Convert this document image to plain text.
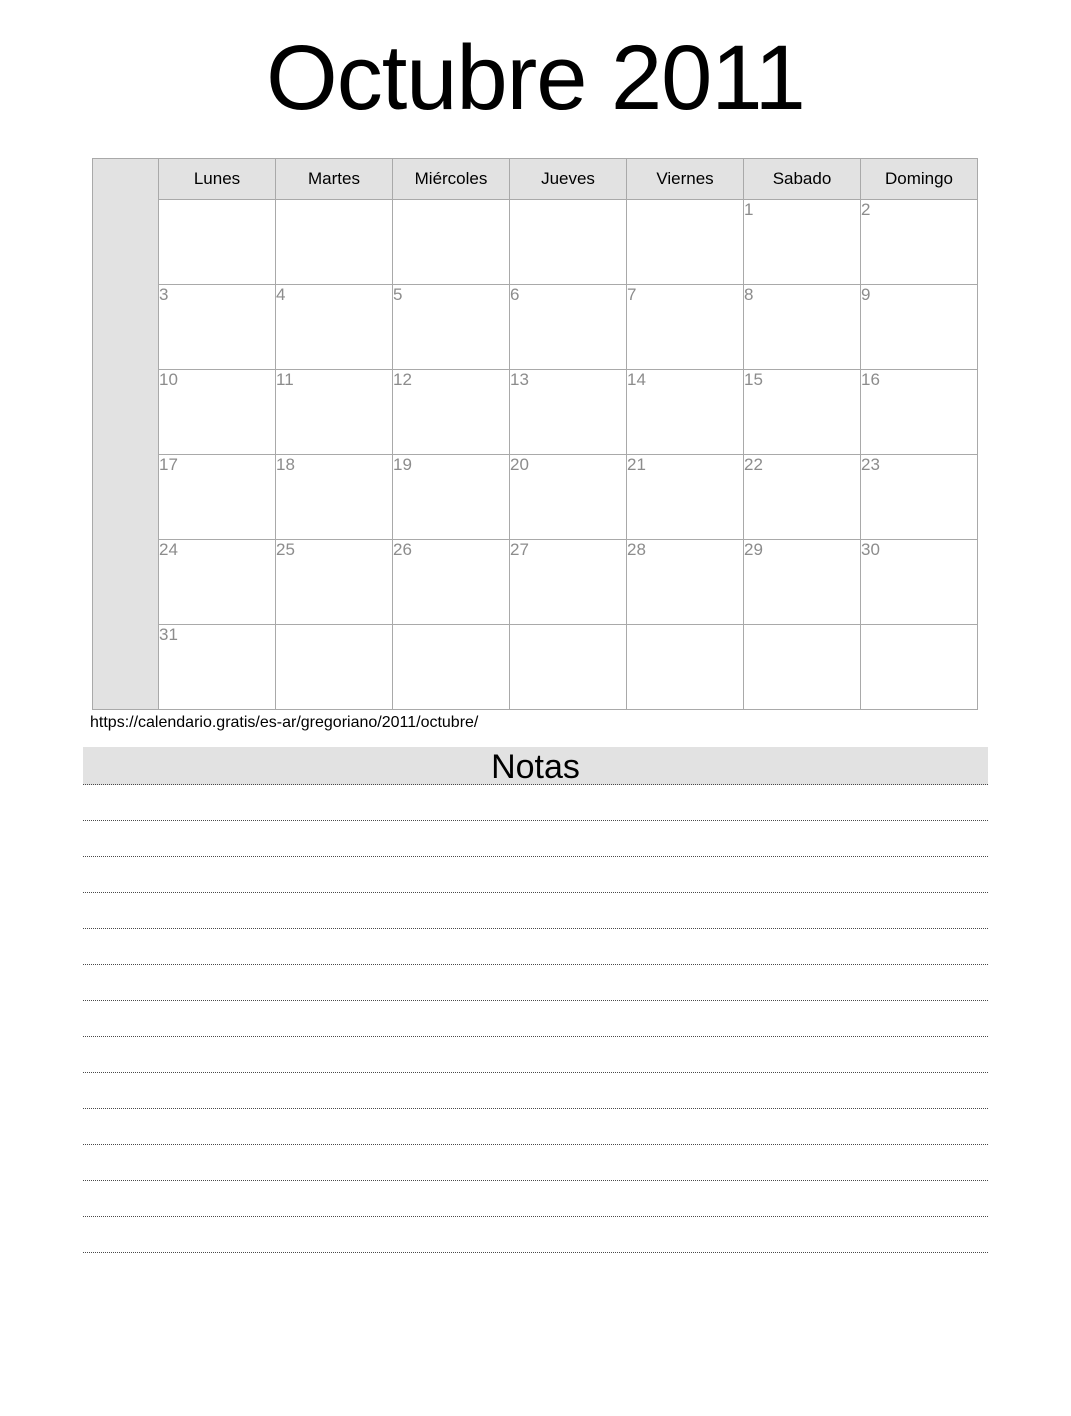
Octubre 2011
	Lunes	Martes	Miércoles	Jueves	Viernes	Sabado	Domingo
						1	2
	3	4	5	6	7	8	9
	10	11	12	13	14	15	16
	17	18	19	20	21	22	23
	24	25	26	27	28	29	30
	31						
https://calendario.gratis/es-ar/gregoriano/2011/octubre/
Notas
